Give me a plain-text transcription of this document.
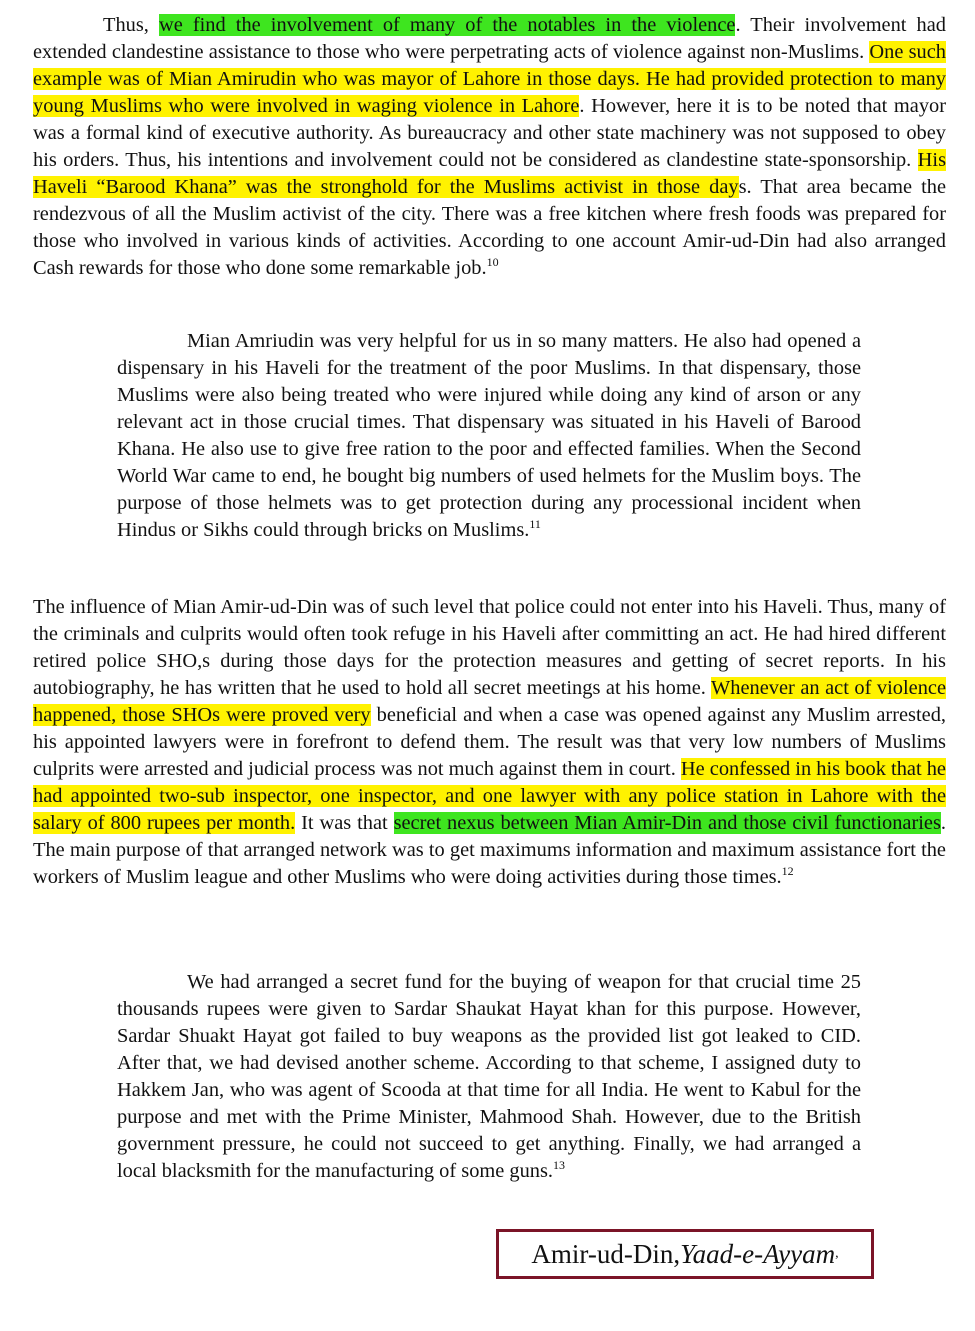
Thus, we find the involvement of many of the notables in the violence. Their involvement had extended clandestine assistance to those who were perpetrating acts of violence against non-Muslims. One such example was of Mian Amirudin who was mayor of Lahore in those days. He had provided protection to many young Muslims who were involved in waging violence in Lahore. However, here it is to be noted that mayor was a formal kind of executive authority. As bureaucracy and other state machinery was not supposed to obey his orders. Thus, his intentions and involvement could not be considered as clandestine state-sponsorship. His Haveli “Barood Khana” was the stronghold for the Muslims activist in those days. That area became the rendezvous of all the Muslim activist of the city. There was a free kitchen where fresh foods was prepared for those who involved in various kinds of activities. According to one account Amir-ud-Din had also arranged Cash rewards for those who done some remarkable job.$^{10}$

Mian Amriudin was very helpful for us in so many matters. He also had opened a dispensary in his Haveli for the treatment of the poor Muslims. In that dispensary, those Muslims were also being treated who were injured while doing any kind of arson or any relevant act in those crucial times. That dispensary was situated in his Haveli of Barood Khana. He also use to give free ration to the poor and effected families. When the Second World War came to end, he bought big numbers of used helmets for the Muslim boys. The purpose of those helmets was to get protection during any processional incident when Hindus or Sikhs could through bricks on Muslims.$^{11}$

The influence of Mian Amir-ud-Din was of such level that police could not enter into his Haveli. Thus, many of the criminals and culprits would often took refuge in his Haveli after committing an act. He had hired different retired police SHO,s during those days for the protection measures and getting of secret reports. In his autobiography, he has written that he used to hold all secret meetings at his home. Whenever an act of violence happened, those SHOs were proved very beneficial and when a case was opened against any Muslim arrested, his appointed lawyers were in forefront to defend them. The result was that very low numbers of Muslims culprits were arrested and judicial process was not much against them in court. He confessed in his book that he had appointed two-sub inspector, one inspector, and one lawyer with any police station in Lahore with the salary of 800 rupees per month. It was that secret nexus between Mian Amir-Din and those civil functionaries. The main purpose of that arranged network was to get maximums information and maximum assistance fort the workers of Muslim league and other Muslims who were doing activities during those times.$^{12}$

We had arranged a secret fund for the buying of weapon for that crucial time 25 thousands rupees were given to Sardar Shaukat Hayat khan for this purpose. However, Sardar Shuakt Hayat got failed to buy weapons as the provided list got leaked to CID. After that, we had devised another scheme. According to that scheme, I assigned duty to Hakkem Jan, who was agent of Scooda at that time for all India. He went to Kabul for the purpose and met with the Prime Minister, Mahmood Shah. However, due to the British government pressure, he could not succeed to get anything. Finally, we had arranged a local blacksmith for the manufacturing of some guns.$^{13}$

Amir-ud-Din, Yaad-e-Ayyam ,
